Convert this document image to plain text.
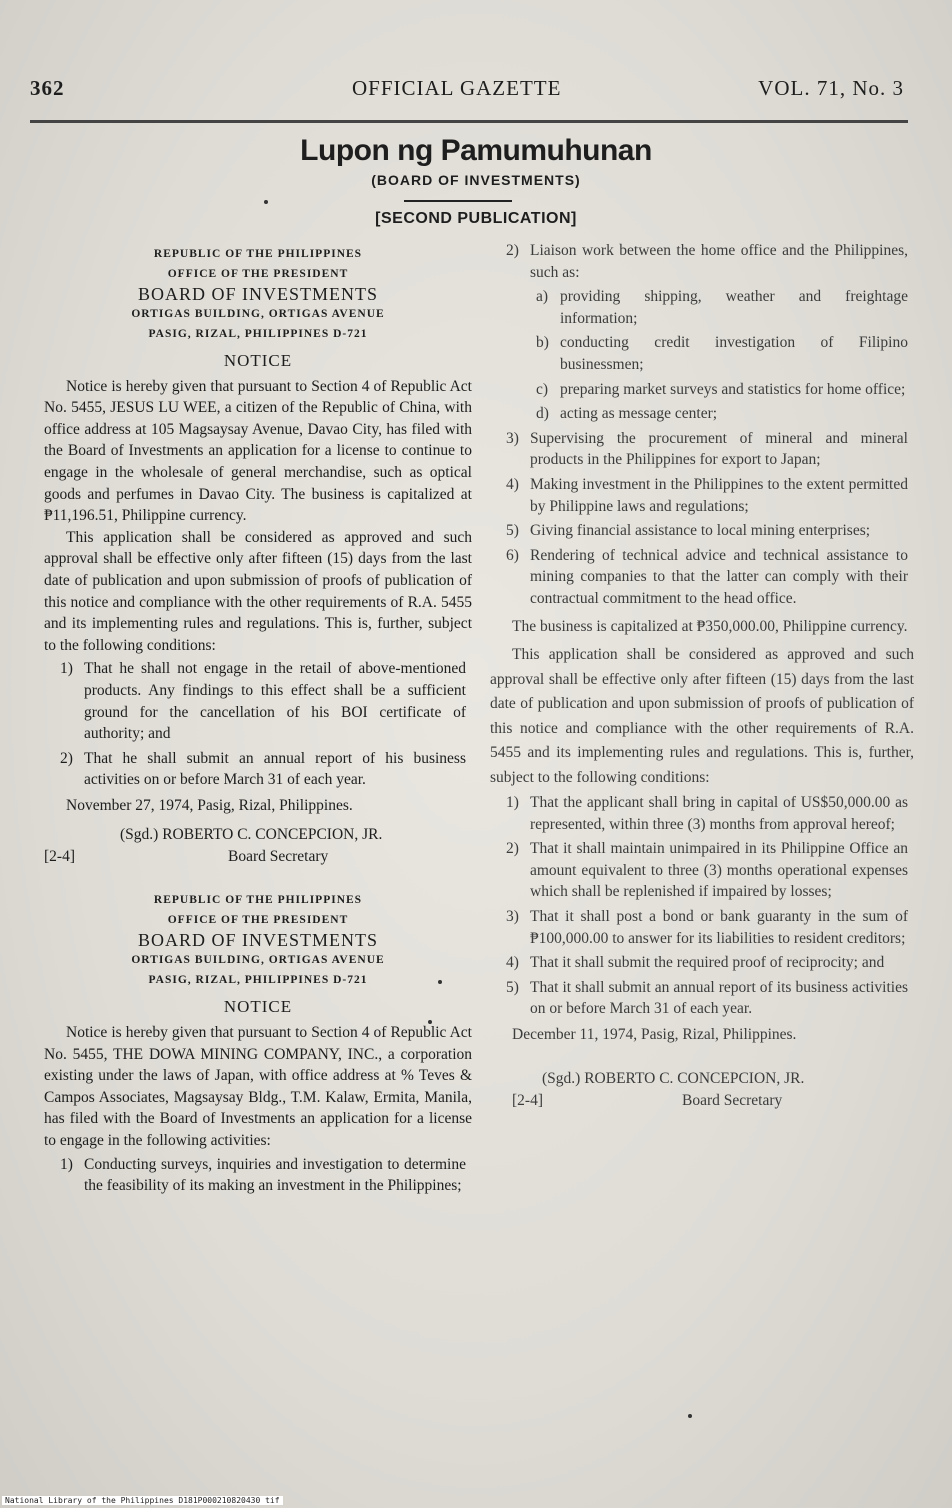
362	OFFICIAL GAZETTE	VOL. 71, No. 3
Lupon ng Pamumuhunan
(BOARD OF INVESTMENTS)
[SECOND PUBLICATION]
REPUBLIC OF THE PHILIPPINES
OFFICE OF THE PRESIDENT
BOARD OF INVESTMENTS
ORTIGAS BUILDING, ORTIGAS AVENUE
PASIG, RIZAL, PHILIPPINES D-721
NOTICE

Notice is hereby given that pursuant to Section 4 of Republic Act No. 5455, JESUS LU WEE, a citizen of the Republic of China, with office address at 105 Magsaysay Avenue, Davao City, has filed with the Board of Investments an application for a license to continue to engage in the wholesale of general merchandise, such as optical goods and perfumes in Davao City. The business is capitalized at ₱11,196.51, Philippine currency.

This application shall be considered as approved and such approval shall be effective only after fifteen (15) days from the last date of publication and upon submission of proofs of publication of this notice and compliance with the other requirements of R.A. 5455 and its implementing rules and regulations. This is, further, subject to the following conditions:

1) That he shall not engage in the retail of above-mentioned products. Any findings to this effect shall be a sufficient ground for the cancellation of his BOI certificate of authority; and
2) That he shall submit an annual report of his business activities on or before March 31 of each year.

November 27, 1974, Pasig, Rizal, Philippines.

(Sgd.) ROBERTO C. CONCEPCION, JR.
[2-4]	Board Secretary
REPUBLIC OF THE PHILIPPINES
OFFICE OF THE PRESIDENT
BOARD OF INVESTMENTS
ORTIGAS BUILDING, ORTIGAS AVENUE
PASIG, RIZAL, PHILIPPINES D-721
NOTICE

Notice is hereby given that pursuant to Section 4 of Republic Act No. 5455, THE DOWA MINING COMPANY, INC., a corporation existing under the laws of Japan, with office address at % Teves & Campos Associates, Magsaysay Bldg., T.M. Kalaw, Ermita, Manila, has filed with the Board of Investments an application for a license to engage in the following activities:

1) Conducting surveys, inquiries and investigation to determine the feasibility of its making an investment in the Philippines;
2) Liaison work between the home office and the Philippines, such as:
a) providing shipping, weather and freightage information;
b) conducting credit investigation of Filipino businessmen;
c) preparing market surveys and statistics for home office;
d) acting as message center;
3) Supervising the procurement of mineral and mineral products in the Philippines for export to Japan;
4) Making investment in the Philippines to the extent permitted by Philippine laws and regulations;
5) Giving financial assistance to local mining enterprises;
6) Rendering of technical advice and technical assistance to mining companies to that the latter can comply with their contractual commitment to the head office.

The business is capitalized at ₱350,000.00, Philippine currency.

This application shall be considered as approved and such approval shall be effective only after fifteen (15) days from the last date of publication and upon submission of proofs of publication of this notice and compliance with the other requirements of R.A. 5455 and its implementing rules and regulations. This is, further, subject to the following conditions:

1) That the applicant shall bring in capital of US$50,000.00 as represented, within three (3) months from approval hereof;
2) That it shall maintain unimpaired in its Philippine Office an amount equivalent to three (3) months operational expenses which shall be replenished if impaired by losses;
3) That it shall post a bond or bank guaranty in the sum of ₱100,000.00 to answer for its liabilities to resident creditors;
4) That it shall submit the required proof of reciprocity; and
5) That it shall submit an annual report of its business activities on or before March 31 of each year.

December 11, 1974, Pasig, Rizal, Philippines.

(Sgd.) ROBERTO C. CONCEPCION, JR.
[2-4]	Board Secretary
National Library of the Philippines D181P000210820430 tif
